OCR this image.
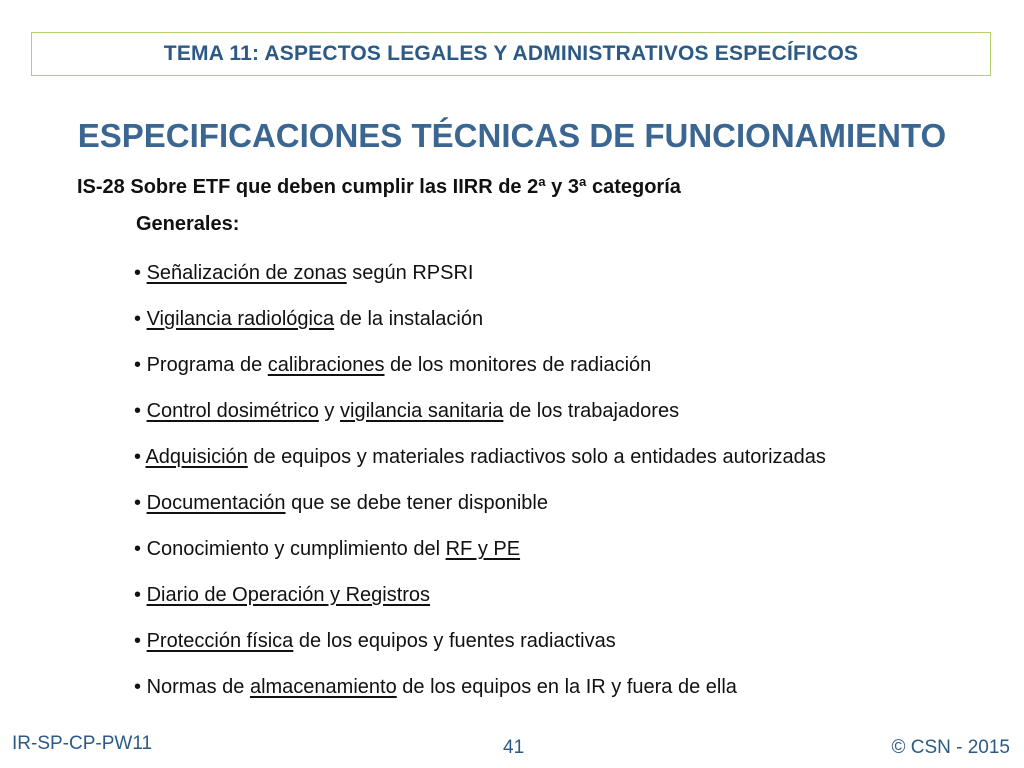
TEMA 11: ASPECTOS LEGALES Y ADMINISTRATIVOS ESPECÍFICOS
ESPECIFICACIONES TÉCNICAS DE FUNCIONAMIENTO
IS-28 Sobre ETF que deben cumplir las IIRR de 2ª y 3ª categoría
Generales:
• Señalización de zonas según RPSRI
• Vigilancia radiológica de la instalación
• Programa de calibraciones de los monitores de radiación
• Control dosimétrico y vigilancia sanitaria de los trabajadores
• Adquisición de equipos y materiales radiactivos solo a entidades autorizadas
• Documentación que se debe tener disponible
• Conocimiento y cumplimiento del RF y PE
• Diario de Operación y Registros
• Protección física de los equipos y fuentes radiactivas
• Normas de almacenamiento de los equipos en la IR y fuera de ella
IR-SP-CP-PW11	41	© CSN - 2015
